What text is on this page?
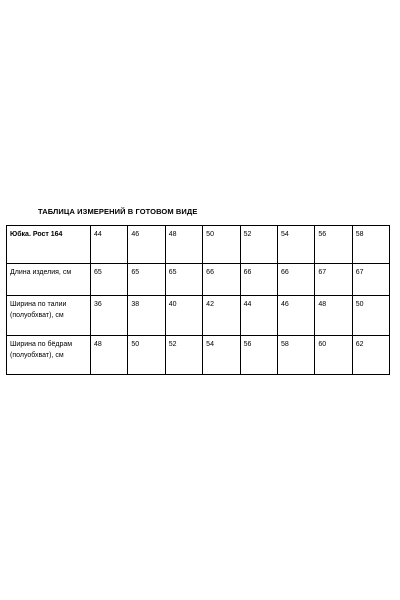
ТАБЛИЦА ИЗМЕРЕНИЙ В ГОТОВОМ ВИДЕ
Юбка. Рост 164	44	46	48	50	52	54	56	58
Длина изделия, см	65	65	65	66	66	66	67	67
Ширина по талии (полуобхват), см	36	38	40	42	44	46	48	50
Ширина по бёдрам (полуобхват), см	48	50	52	54	56	58	60	62
